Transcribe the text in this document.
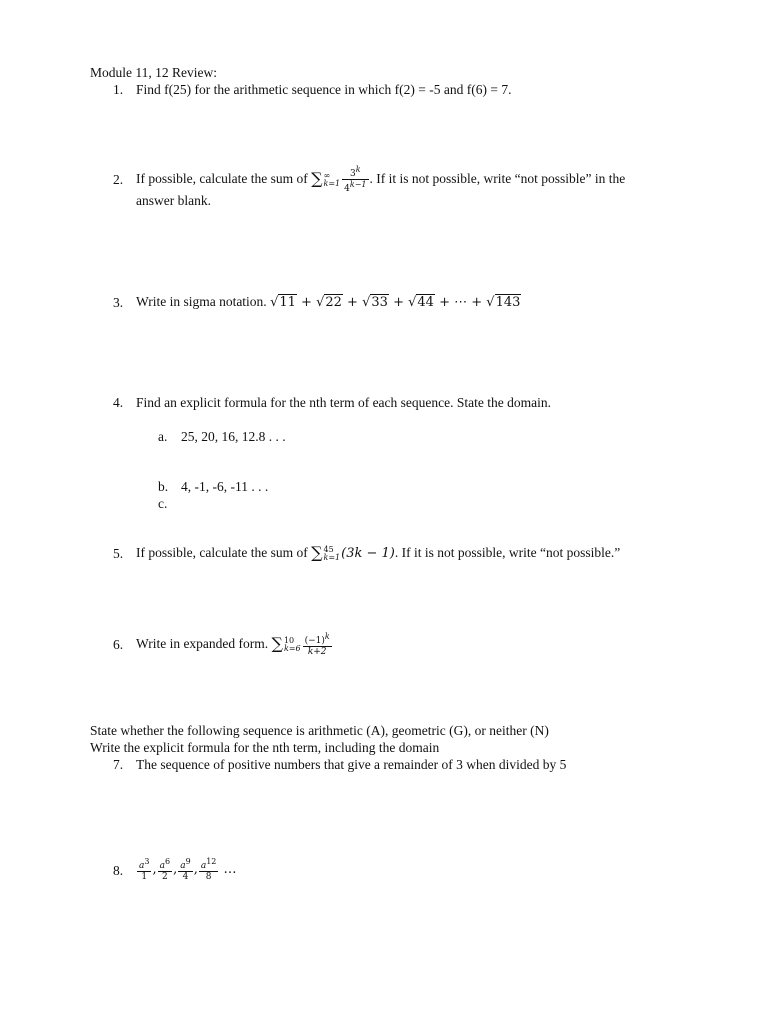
Module 11, 12 Review:
1. Find f(25) for the arithmetic sequence in which f(2) = -5 and f(6) = 7.
2. If possible, calculate the sum of ∑∞
$k=1 \frac{3^k}{4^{k-1}}$ . If it is not possible, write “not possible” in the
answer blank.
3. Write in sigma notation. √11 + √22 + √33 + √44 + ⋯ + √143
4. Find an explicit formula for the nth term of each sequence. State the domain.
a. 25, 20, 16, 12.8 . . .
b. 4, -1, -6, -11 . . .
c.
5. If possible, calculate the sum of ∑45
k=1(3k − 1). If it is not possible, write “not possible.”
6. Write in expanded form. ∑10
$k=6 \frac{(-1)^k}{k+2}$
State whether the following sequence is arithmetic (A), geometric (G), or neither (N)
Write the explicit formula for the nth term, including the domain
7. The sequence of positive numbers that give a remainder of 3 when divided by 5
8. $\frac{a^3}{1}$ , $\frac{a^6}{2}$ , $\frac{a^9}{4}$ , $\frac{a^{12}}{8}$ …
